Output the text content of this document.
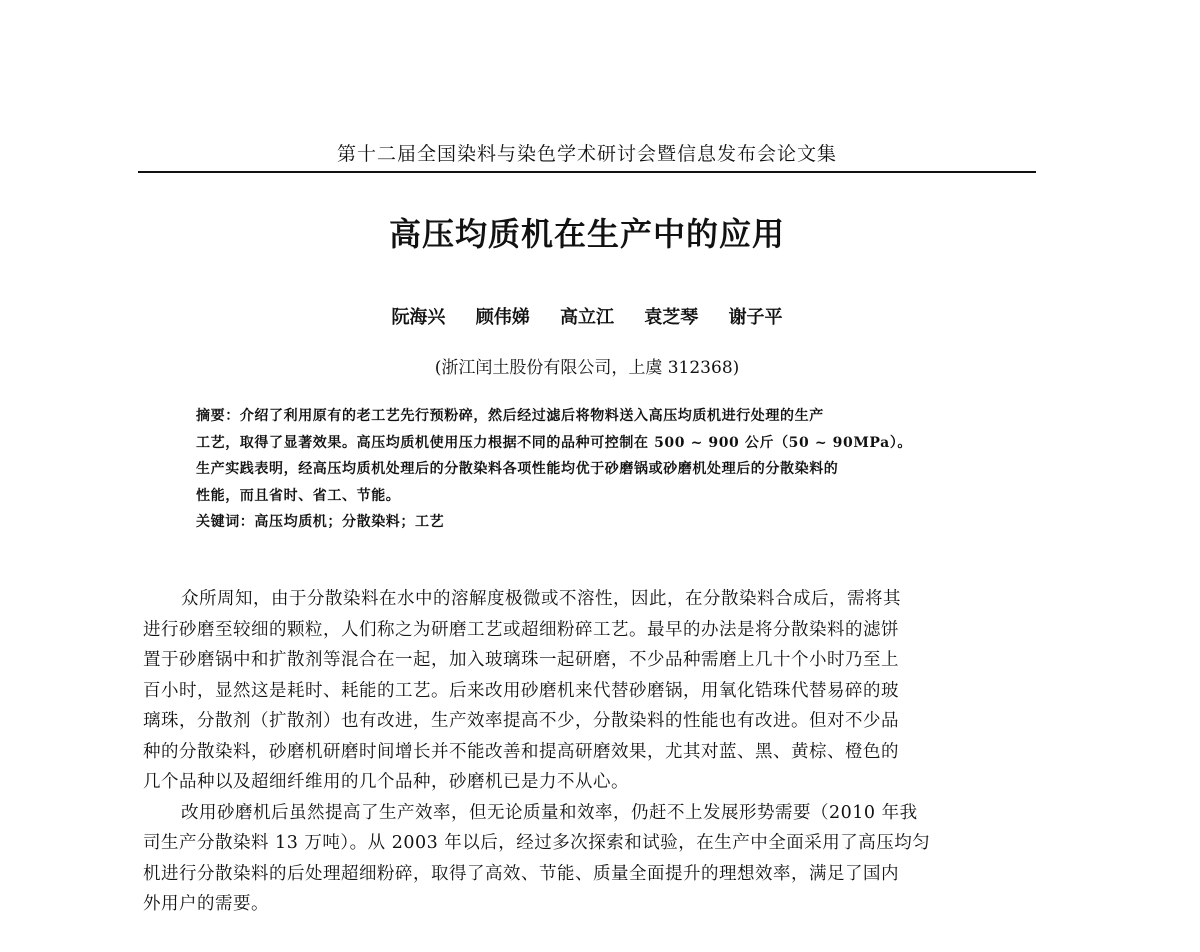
第十二届全国染料与染色学术研讨会暨信息发布会论文集
高压均质机在生产中的应用
阮海兴 顾伟娣 高立江 袁芝琴 谢子平
(浙江闰土股份有限公司，上虞 312368)
摘要：介绍了利用原有的老工艺先行预粉碎，然后经过滤后将物料送入高压均质机进行处理的生产
工艺，取得了显著效果。高压均质机使用压力根据不同的品种可控制在 500 ~ 900 公斤（50 ~ 90MPa）。
生产实践表明，经高压均质机处理后的分散染料各项性能均优于砂磨锅或砂磨机处理后的分散染料的
性能，而且省时、省工、节能。
关键词：高压均质机；分散染料；工艺
众所周知，由于分散染料在水中的溶解度极微或不溶性，因此，在分散染料合成后，需将其
进行砂磨至较细的颗粒，人们称之为研磨工艺或超细粉碎工艺。最早的办法是将分散染料的滤饼
置于砂磨锅中和扩散剂等混合在一起，加入玻璃珠一起研磨，不少品种需磨上几十个小时乃至上
百小时，显然这是耗时、耗能的工艺。后来改用砂磨机来代替砂磨锅，用氧化锆珠代替易碎的玻
璃珠，分散剂（扩散剂）也有改进，生产效率提高不少，分散染料的性能也有改进。但对不少品
种的分散染料，砂磨机研磨时间增长并不能改善和提高研磨效果，尤其对蓝、黑、黄棕、橙色的
几个品种以及超细纤维用的几个品种，砂磨机已是力不从心。
改用砂磨机后虽然提高了生产效率，但无论质量和效率，仍赶不上发展形势需要（2010 年我
司生产分散染料 13 万吨）。从 2003 年以后，经过多次探索和试验，在生产中全面采用了高压均匀
机进行分散染料的后处理超细粉碎，取得了高效、节能、质量全面提升的理想效率，满足了国内
外用户的需要。
